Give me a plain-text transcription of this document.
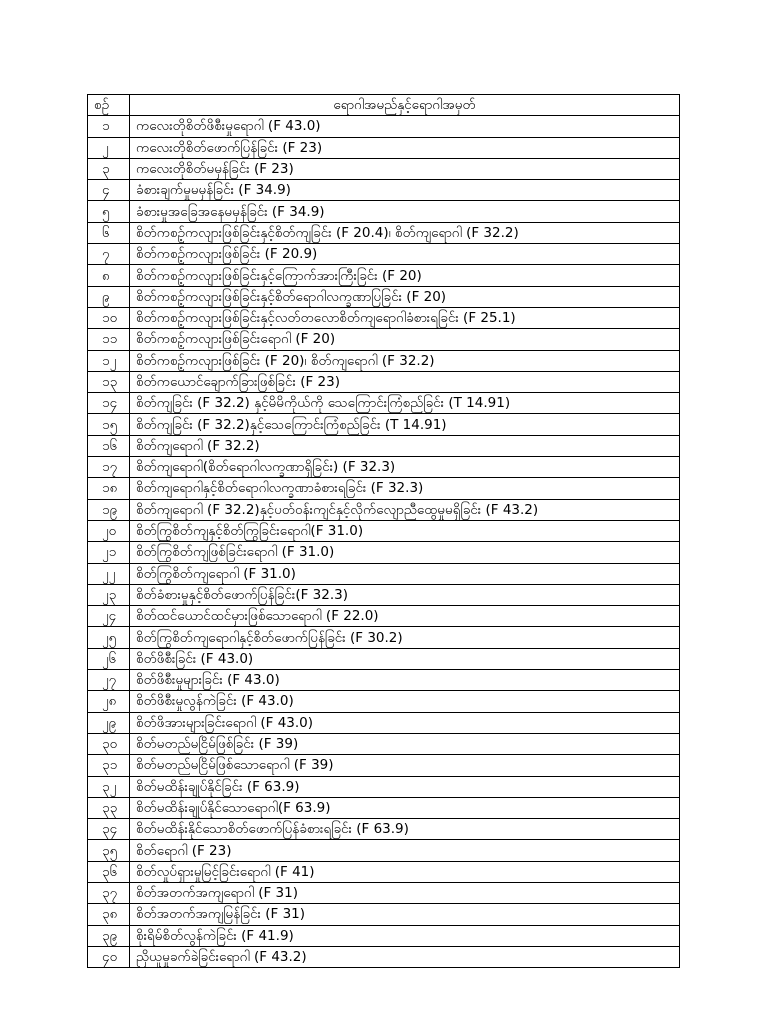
စဉ်	ရောဂါအမည်နှင့်ရောဂါအမှတ်
၁	ကလေးတိုစိတ်ဖိစီးမှုရောဂါ (F 43.0)
၂	ကလေးတိုစိတ်ဖောက်ပြန်ခြင်း (F 23)
၃	ကလေးတိုစိတ်မမှန်ခြင်း (F 23)
၄	ခံစားချက်မှုမမှန်ခြင်း (F 34.9)
၅	ခံစားမှုအခြေအနေမမှန်ခြင်း (F 34.9)
၆	စိတ်ကစဥ့်ကလျားဖြစ်ခြင်းနှင့်စိတ်ကျခြင်း (F 20.4)၊ စိတ်ကျရောဂါ (F 32.2)
၇	စိတ်ကစဥ့်ကလျားဖြစ်ခြင်း (F 20.9)
၈	စိတ်ကစဥ့်ကလျားဖြစ်ခြင်းနှင့်ကြောက်အားကြီးခြင်း (F 20)
၉	စိတ်ကစဥ့်ကလျားဖြစ်ခြင်းနှင့်စိတ်ရောဂါလက္ခဏာပြခြင်း (F 20)
၁၀	စိတ်ကစဥ့်ကလျားဖြစ်ခြင်းနှင့်လတ်တလောစိတ်ကျရောဂါခံစားရခြင်း (F 25.1)
၁၁	စိတ်ကစဥ့်ကလျားဖြစ်ခြင်းရောဂါ (F 20)
၁၂	စိတ်ကစဥ့်ကလျားဖြစ်ခြင်း (F 20)၊ စိတ်ကျရောဂါ (F 32.2)
၁၃	စိတ်ကယောင်ချောက်ခြားဖြစ်ခြင်း (F 23)
၁၄	စိတ်ကျခြင်း (F 32.2) နှင့်မိမိကိုယ်ကို သေကြောင်းကြံစည်ခြင်း (T 14.91)
၁၅	စိတ်ကျခြင်း (F 32.2)နှင့်သေကြောင်းကြံစည်ခြင်း (T 14.91)
၁၆	စိတ်ကျရောဂါ (F 32.2)
၁၇	စိတ်ကျရောဂါ(စိတ်ရောဂါလက္ခဏာရှိခြင်း) (F 32.3)
၁၈	စိတ်ကျရောဂါနှင့်စိတ်ရောဂါလက္ခဏာခံစားရခြင်း (F 32.3)
၁၉	စိတ်ကျရောဂါ (F 32.2)နှင့်ပတ်ဝန်းကျင်နှင့်လိုက်လျောညီထွေမှုမရှိခြင်း (F 43.2)
၂၀	စိတ်ကြွစိတ်ကျနှင့်စိတ်ကြွခြင်းရောဂါ(F 31.0)
၂၁	စိတ်ကြွစိတ်ကျဖြစ်ခြင်းရောဂါ (F 31.0)
၂၂	စိတ်ကြွစိတ်ကျရောဂါ (F 31.0)
၂၃	စိတ်ခံစားမှုနှင့်စိတ်ဖောက်ပြန်ခြင်း(F 32.3)
၂၄	စိတ်ထင်ယောင်ထင်မှားဖြစ်သောရောဂါ (F 22.0)
၂၅	စိတ်ကြွစိတ်ကျရောဂါနှင့်စိတ်ဖောက်ပြန်ခြင်း (F 30.2)
၂၆	စိတ်ဖိစီးခြင်း (F 43.0)
၂၇	စိတ်ဖိစီးမှုများခြင်း (F 43.0)
၂၈	စိတ်ဖိစီးမှုလွန်ကဲခြင်း (F 43.0)
၂၉	စိတ်ဖိအားများခြင်းရောဂါ (F 43.0)
၃၀	စိတ်မတည်မငြိမ်ဖြစ်ခြင်း (F 39)
၃၁	စိတ်မတည်မငြိမ်ဖြစ်သောရောဂါ (F 39)
၃၂	စိတ်မထိန်းချုပ်နိုင်ခြင်း (F 63.9)
၃၃	စိတ်မထိန်းချုပ်နိုင်သောရောဂါ(F 63.9)
၃၄	စိတ်မထိန်းနိုင်သောစိတ်ဖောက်ပြန်ခံစားရခြင်း (F 63.9)
၃၅	စိတ်ရောဂါ (F 23)
၃၆	စိတ်လှုပ်ရှားမှုမြင့်ခြင်းရောဂါ (F 41)
၃၇	စိတ်အတက်အကျရောဂါ (F 31)
၃၈	စိတ်အတက်အကျမြန်ခြင်း (F 31)
၃၉	စိုးရိမ်စိတ်လွန်ကဲခြင်း (F 41.9)
၄၀	ညှိယူမှုခက်ခဲခြင်းရောဂါ (F 43.2)
